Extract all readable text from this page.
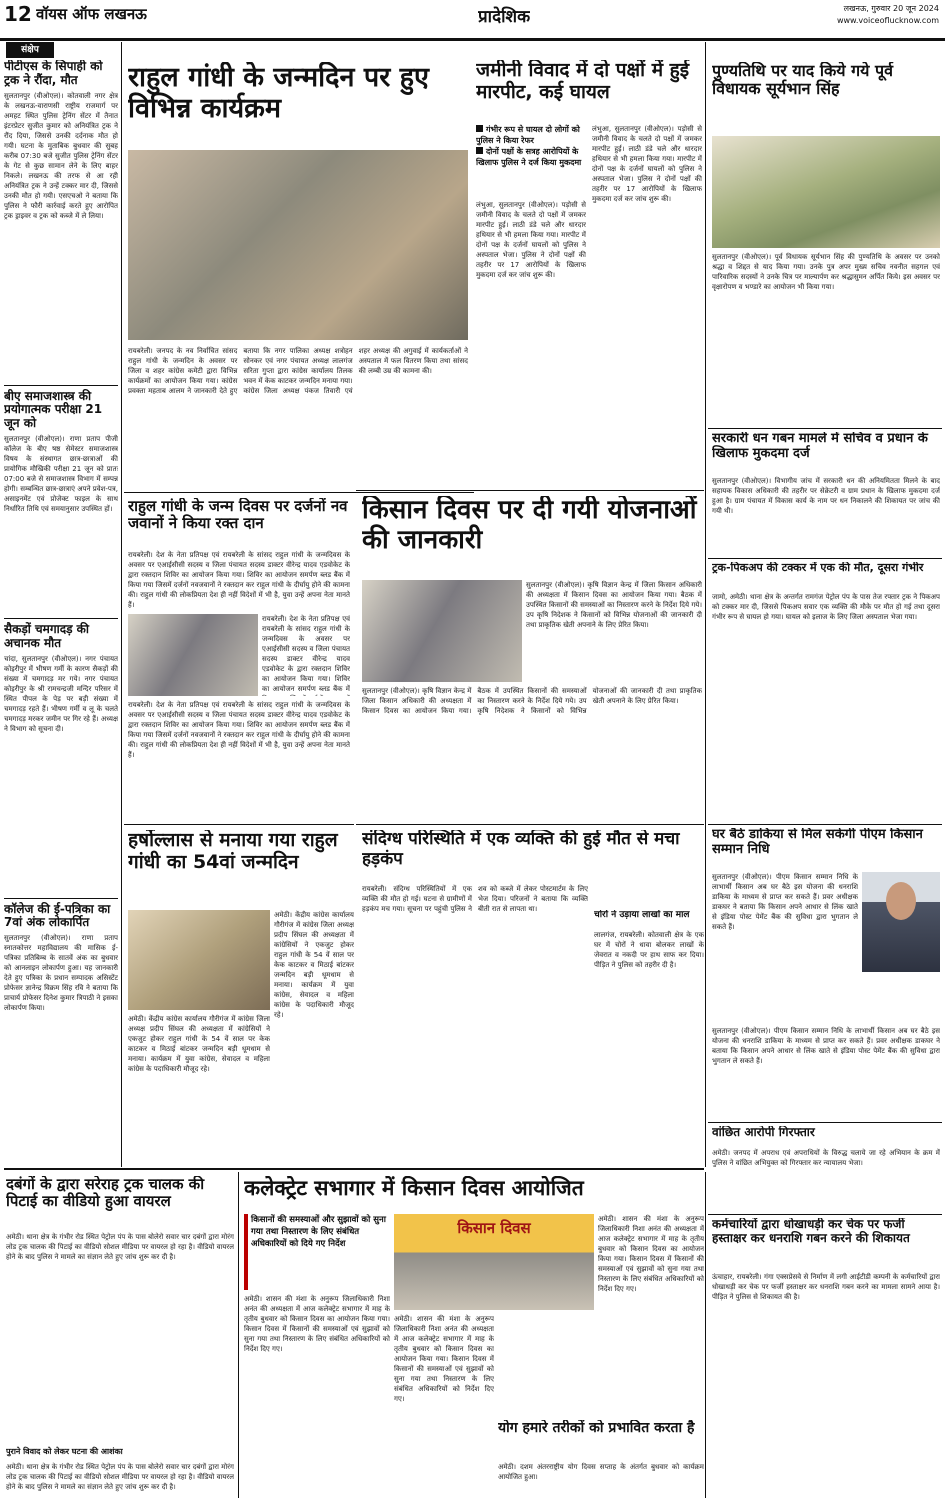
12 वॉयस ऑफ लखनऊ	प्रादेशिक	लखनऊ, गुरुवार 20 जून 2024
www.voiceoflucknow.com
संक्षेप
पीटीएस के सिपाही को ट्रक ने रौंदा, मौत
सुलतानपुर (वीओएल)। कोतवाली नगर क्षेत्र के लखनऊ-वाराणसी राष्ट्रीय राजमार्ग पर अमहट स्थित पुलिस ट्रेनिंग सेंटर में तैनात इंटरप्रेटर सुजीत कुमार को अनियंत्रित ट्रक ने रौंद दिया, जिससे उनकी दर्दनाक मौत हो गयी। घटना के मुताबिक बुधवार की सुबह करीब 07:30 बजे सुजीत पुलिस ट्रेनिंग सेंटर के गेट से कुछ सामान लेने के लिए बाहर निकले। लखनऊ की तरफ से आ रही अनियंत्रित ट्रक ने उन्हें टक्कर मार दी, जिससे उनकी मौत हो गयी। एसएचओ ने बताया कि पुलिस ने फौरी कार्रवाई करते हुए आरोपित ट्रक ड्राइवर व ट्रक को कब्जे में ले लिया।
बीए समाजशास्त्र की प्रयोगात्मक परीक्षा 21 जून को
सुलतानपुर (वीओएल)। राणा प्रताप पीजी कॉलेज के बीए षष्ठ सेमेस्टर समाजशास्त्र विषय के संस्थागत छात्र-छात्राओं की प्रायोगिक मौखिकी परीक्षा 21 जून को प्रातः 07:00 बजे से समाजशास्त्र विभाग में सम्पन्न होगी। सम्बन्धित छात्र-छात्राएं अपने प्रवेश-पत्र, असाइनमेंट एवं प्रोजेक्ट फाइल के साथ निर्धारित तिथि एवं समयानुसार उपस्थित हों।
सैकड़ों चमगादड़ की अचानक मौत
चांदा, सुलतानपुर (वीओएल)। नगर पंचायत कोइरीपुर में भीषण गर्मी के कारण सैकड़ों की संख्या में चमगादड़ मर गये। नगर पंचायत कोइरीपुर के श्री रामचन्द्रजी मन्दिर परिसर में स्थित पीपल के पेड़ पर बड़ी संख्या में चमगादड़ रहते हैं। भीषण गर्मी व लू के चलते चमगादड़ मरकर जमीन पर गिर रहे हैं। अध्यक्ष ने विभाग को सूचना दी।
कॉलेज की ई-पत्रिका का 7वां अंक लोकार्पित
सुलतानपुर (वीओएल)। राणा प्रताप स्नातकोत्तर महाविद्यालय की मासिक ई-पत्रिका प्रतिबिम्ब के सातवें अंक का बुधवार को आनलाइन लोकार्पण हुआ। यह जानकारी देते हुए पत्रिका के प्रधान सम्पादक असिस्टेंट प्रोफेसर ज्ञानेन्द्र विक्रम सिंह रवि ने बताया कि प्राचार्य प्रोफेसर दिनेश कुमार त्रिपाठी ने इसका लोकार्पण किया।
राहुल गांधी के जन्मदिन पर हुए विभिन्न कार्यक्रम
रायबरेली। जनपद के नव निर्वाचित सांसद राहुल गांधी के जन्मदिन के अवसर पर जिला व शहर कांग्रेस कमेटी द्वारा विभिन्न कार्यक्रमों का आयोजन किया गया। कांग्रेस प्रवक्ता महताब आलम ने जानकारी देते हुए बताया कि नगर पालिका अध्यक्ष शत्रोहन सोनकर एवं नगर पंचायत अध्यक्ष लालगंज सरिता गुप्ता द्वारा कांग्रेस कार्यालय तिलक भवन में केक काटकर जन्मदिन मनाया गया। कांग्रेस जिला अध्यक्ष पंकज तिवारी एवं शहर अध्यक्ष की अगुवाई में कार्यकर्ताओं ने अस्पताल में फल वितरण किया तथा सांसद की लम्बी उम्र की कामना की।
राहुल गांधी के जन्म दिवस पर दर्जनों नव जवानों ने किया रक्त दान
रायबरेली। देश के नेता प्रतिपक्ष एवं रायबरेली के सांसद राहुल गांधी के जन्मदिवस के अवसर पर एआईसीसी सदस्य व जिला पंचायत सदस्य डाक्टर वीरेन्द्र यादव एडवोकेट के द्वारा रक्तदान शिविर का आयोजन किया गया। शिविर का आयोजन समर्पण ब्लड बैंक में किया गया जिसमें दर्जनों नवजवानों ने रक्तदान कर राहुल गांधी के दीर्घायु होने की कामना की। राहुल गांधी की लोकप्रियता देश ही नहीं विदेशों में भी है, युवा उन्हें अपना नेता मानते हैं।
रायबरेली। देश के नेता प्रतिपक्ष एवं रायबरेली के सांसद राहुल गांधी के जन्मदिवस के अवसर पर एआईसीसी सदस्य व जिला पंचायत सदस्य डाक्टर वीरेन्द्र यादव एडवोकेट के द्वारा रक्तदान शिविर का आयोजन किया गया। शिविर का आयोजन समर्पण ब्लड बैंक में
रायबरेली। देश के नेता प्रतिपक्ष एवं रायबरेली के सांसद राहुल गांधी के जन्मदिवस के अवसर पर एआईसीसी सदस्य व जिला पंचायत सदस्य डाक्टर वीरेन्द्र यादव एडवोकेट के द्वारा रक्तदान शिविर का आयोजन किया गया। शिविर का आयोजन समर्पण ब्लड बैंक में किया गया जिसमें दर्जनों नवजवानों ने रक्तदान कर राहुल गांधी के दीर्घायु होने की कामना की। राहुल गांधी की लोकप्रियता देश ही नहीं विदेशों में भी है, युवा उन्हें अपना नेता मानते हैं।
जमीनी विवाद में दो पक्षों में हुई मारपीट, कई घायल
गंभीर रूप से घायल दो लोगों को पुलिस ने किया रेफर
दोनों पक्षों के सत्रह आरोपियों के खिलाफ पुलिस ने दर्ज किया मुकदमा
लंभुआ, सुलतानपुर (वीओएल)। पड़ोसी से जमीनी विवाद के चलते दो पक्षों में जमकर मारपीट हुई। लाठी डंडे चले और धारदार हथियार से भी हमला किया गया। मारपीट में दोनों पक्ष के दर्जनों घायलों को पुलिस ने अस्पताल भेजा। पुलिस ने दोनों पक्षों की तहरीर पर 17 आरोपियों के खिलाफ मुकदमा दर्ज कर जांच शुरू की।
लंभुआ, सुलतानपुर (वीओएल)। पड़ोसी से जमीनी विवाद के चलते दो पक्षों में जमकर मारपीट हुई। लाठी डंडे चले और धारदार हथियार से भी हमला किया गया। मारपीट में दोनों पक्ष के दर्जनों घायलों को पुलिस ने अस्पताल भेजा। पुलिस ने दोनों पक्षों की तहरीर पर 17 आरोपियों के खिलाफ मुकदमा दर्ज कर जांच शुरू की।
किसान दिवस पर दी गयी योजनाओं की जानकारी
सुलतानपुर (वीओएल)। कृषि विज्ञान केन्द्र में जिला किसान अधिकारी की अध्यक्षता में किसान दिवस का आयोजन किया गया। बैठक में उपस्थित किसानों की समस्याओं का निस्तारण करने के निर्देश दिये गये। उप कृषि निदेशक ने किसानों को विभिन्न योजनाओं की जानकारी दी तथा प्राकृतिक खेती अपनाने के लिए प्रेरित किया।
सुलतानपुर (वीओएल)। कृषि विज्ञान केन्द्र में जिला किसान अधिकारी की अध्यक्षता में किसान दिवस का आयोजन किया गया। बैठक में उपस्थित किसानों की समस्याओं का निस्तारण करने के निर्देश दिये गये। उप कृषि निदेशक ने किसानों को विभिन्न योजनाओं की जानकारी दी तथा प्राकृतिक खेती अपनाने के लिए प्रेरित किया।
हर्षोल्लास से मनाया गया राहुल गांधी का 54वां जन्मदिन
अमेठी। केंद्रीय कांग्रेस कार्यालय गौरीगंज में कांग्रेस जिला अध्यक्ष प्रदीप सिंघल की अध्यक्षता में कांग्रेसियों ने एकजुट होकर राहुल गांधी के 54 वें साल पर केक काटकर व मिठाई बांटकर जन्मदिन बड़ी धूमधाम से मनाया। कार्यक्रम में युवा कांग्रेस, सेवादल व महिला कांग्रेस के पदाधिकारी मौजूद रहे।
अमेठी। केंद्रीय कांग्रेस कार्यालय गौरीगंज में कांग्रेस जिला अध्यक्ष प्रदीप सिंघल की अध्यक्षता में कांग्रेसियों ने एकजुट होकर राहुल गांधी के 54 वें साल पर केक काटकर व मिठाई बांटकर जन्मदिन बड़ी धूमधाम से मनाया। कार्यक्रम में युवा कांग्रेस, सेवादल व महिला कांग्रेस के पदाधिकारी मौजूद रहे।
संदिग्ध परिस्थिति में एक व्यक्ति की हुई मौत से मचा हड़कंप
रायबरेली। संदिग्ध परिस्थितियों में एक व्यक्ति की मौत हो गई। घटना से ग्रामीणों में हड़कंप मच गया। सूचना पर पहुंची पुलिस ने शव को कब्जे में लेकर पोस्टमार्टम के लिए भेज दिया। परिजनों ने बताया कि व्यक्ति बीती रात से लापता था।
चोरों ने उड़ाया लाखों का माल
लालगंज, रायबरेली। कोतवाली क्षेत्र के एक घर में चोरों ने धावा बोलकर लाखों के जेवरात व नकदी पर हाथ साफ कर दिया। पीड़ित ने पुलिस को तहरीर दी है।
दबंगों के द्वारा सरेराह ट्रक चालक की पिटाई का वीडियो हुआ वायरल
अमेठी। थाना क्षेत्र के गंभीर रोड स्थित पेट्रोल पंप के पास बोलेरो सवार चार दबंगों द्वारा मोरंग लोड ट्रक चालक की पिटाई का वीडियो सोशल मीडिया पर वायरल हो रहा है। वीडियो वायरल होने के बाद पुलिस ने मामले का संज्ञान लेते हुए जांच शुरू कर दी है।
पुराने विवाद को लेकर घटना की आशंका
अमेठी। थाना क्षेत्र के गंभीर रोड स्थित पेट्रोल पंप के पास बोलेरो सवार चार दबंगों द्वारा मोरंग लोड ट्रक चालक की पिटाई का वीडियो सोशल मीडिया पर वायरल हो रहा है। वीडियो वायरल होने के बाद पुलिस ने मामले का संज्ञान लेते हुए जांच शुरू कर दी है।
कलेक्ट्रेट सभागार में किसान दिवस आयोजित
किसानों की समस्याओं और सुझावों को सुना गया तथा निस्तारण के लिए संबंधित अधिकारियों को दिये गए निर्देश
अमेठी। शासन की मंशा के अनुरूप जिलाधिकारी निशा अनंत की अध्यक्षता में आज कलेक्ट्रेट सभागार में माह के तृतीय बुधवार को किसान दिवस का आयोजन किया गया। किसान दिवस में किसानों की समस्याओं एवं सुझावों को सुना गया तथा निस्तारण के लिए संबंधित अधिकारियों को निर्देश दिए गए।
किसान दिवस
अमेठी। शासन की मंशा के अनुरूप जिलाधिकारी निशा अनंत की अध्यक्षता में आज कलेक्ट्रेट सभागार में माह के तृतीय बुधवार को किसान दिवस का आयोजन किया गया। किसान दिवस में किसानों की समस्याओं एवं सुझावों को सुना गया तथा निस्तारण के लिए संबंधित अधिकारियों को निर्देश दिए गए।
अमेठी। शासन की मंशा के अनुरूप जिलाधिकारी निशा अनंत की अध्यक्षता में आज कलेक्ट्रेट सभागार में माह के तृतीय बुधवार को किसान दिवस का आयोजन किया गया। किसान दिवस में किसानों की समस्याओं एवं सुझावों को सुना गया तथा निस्तारण के लिए संबंधित अधिकारियों को निर्देश दिए गए।
योग हमारे तरीकों को प्रभावित करता है
अमेठी। दशम अंतरराष्ट्रीय योग दिवस सप्ताह के अंतर्गत बुधवार को कार्यक्रम आयोजित हुआ।
पुण्यतिथि पर याद किये गये पूर्व विधायक सूर्यभान सिंह
सुलतानपुर (वीओएल)। पूर्व विधायक सूर्यभान सिंह की पुण्यतिथि के अवसर पर उनको श्रद्धा व शिद्दत से याद किया गया। उनके पुत्र अपर मुख्य सचिव नवनीत सहगल एवं पारिवारिक सदस्यों ने उनके चित्र पर माल्यार्पण कर श्रद्धासुमन अर्पित किये। इस अवसर पर वृक्षारोपण व भण्डारे का आयोजन भी किया गया।
सरकारी धन गबन मामले में सचिव व प्रधान के खिलाफ मुकदमा दर्ज
सुलतानपुर (वीओएल)। विभागीय जांच में सरकारी धन की अनियमितता मिलने के बाद सहायक विकास अधिकारी की तहरीर पर सेक्रेटरी व ग्राम प्रधान के खिलाफ मुकदमा दर्ज हुआ है। ग्राम पंचायत में विकास कार्य के नाम पर धन निकालने की शिकायत पर जांच की गयी थी।
ट्रक-पिकअप की टक्कर में एक की मौत, दूसरा गंभीर
जामो, अमेठी। थाना क्षेत्र के अन्तर्गत रामगंज पेट्रोल पंप के पास तेज रफ्तार ट्रक ने पिकअप को टक्कर मार दी, जिससे पिकअप सवार एक व्यक्ति की मौके पर मौत हो गई तथा दूसरा गंभीर रूप से घायल हो गया। घायल को इलाज के लिए जिला अस्पताल भेजा गया।
घर बैठे डाकिया से मिल सकेगी पीएम किसान सम्मान निधि
सुलतानपुर (वीओएल)। पीएम किसान सम्मान निधि के लाभार्थी किसान अब घर बैठे इस योजना की धनराशि डाकिया के माध्यम से प्राप्त कर सकते हैं। प्रवर अधीक्षक डाकघर ने बताया कि किसान अपने आधार से लिंक खाते से इंडिया पोस्ट पेमेंट बैंक की सुविधा द्वारा भुगतान ले सकते हैं।
सुलतानपुर (वीओएल)। पीएम किसान सम्मान निधि के लाभार्थी किसान अब घर बैठे इस योजना की धनराशि डाकिया के माध्यम से प्राप्त कर सकते हैं। प्रवर अधीक्षक डाकघर ने बताया कि किसान अपने आधार से लिंक खाते से इंडिया पोस्ट पेमेंट बैंक की सुविधा द्वारा भुगतान ले सकते हैं।
वांछित आरोपी गिरफ्तार
अमेठी। जनपद में अपराध एवं अपराधियों के विरुद्ध चलाये जा रहे अभियान के क्रम में पुलिस ने वांछित अभियुक्त को गिरफ्तार कर न्यायालय भेजा।
कर्मचारियों द्वारा धोखाधड़ी कर चेक पर फर्जी हस्ताक्षर कर धनराशि गबन करने की शिकायत
ऊंचाहार, रायबरेली। गंगा एक्सप्रेसवे से निर्माण में लगी आईटीडी कम्पनी के कर्मचारियों द्वारा धोखाधड़ी कर चेक पर फर्जी हस्ताक्षर कर धनराशि गबन करने का मामला सामने आया है। पीड़ित ने पुलिस से शिकायत की है।
